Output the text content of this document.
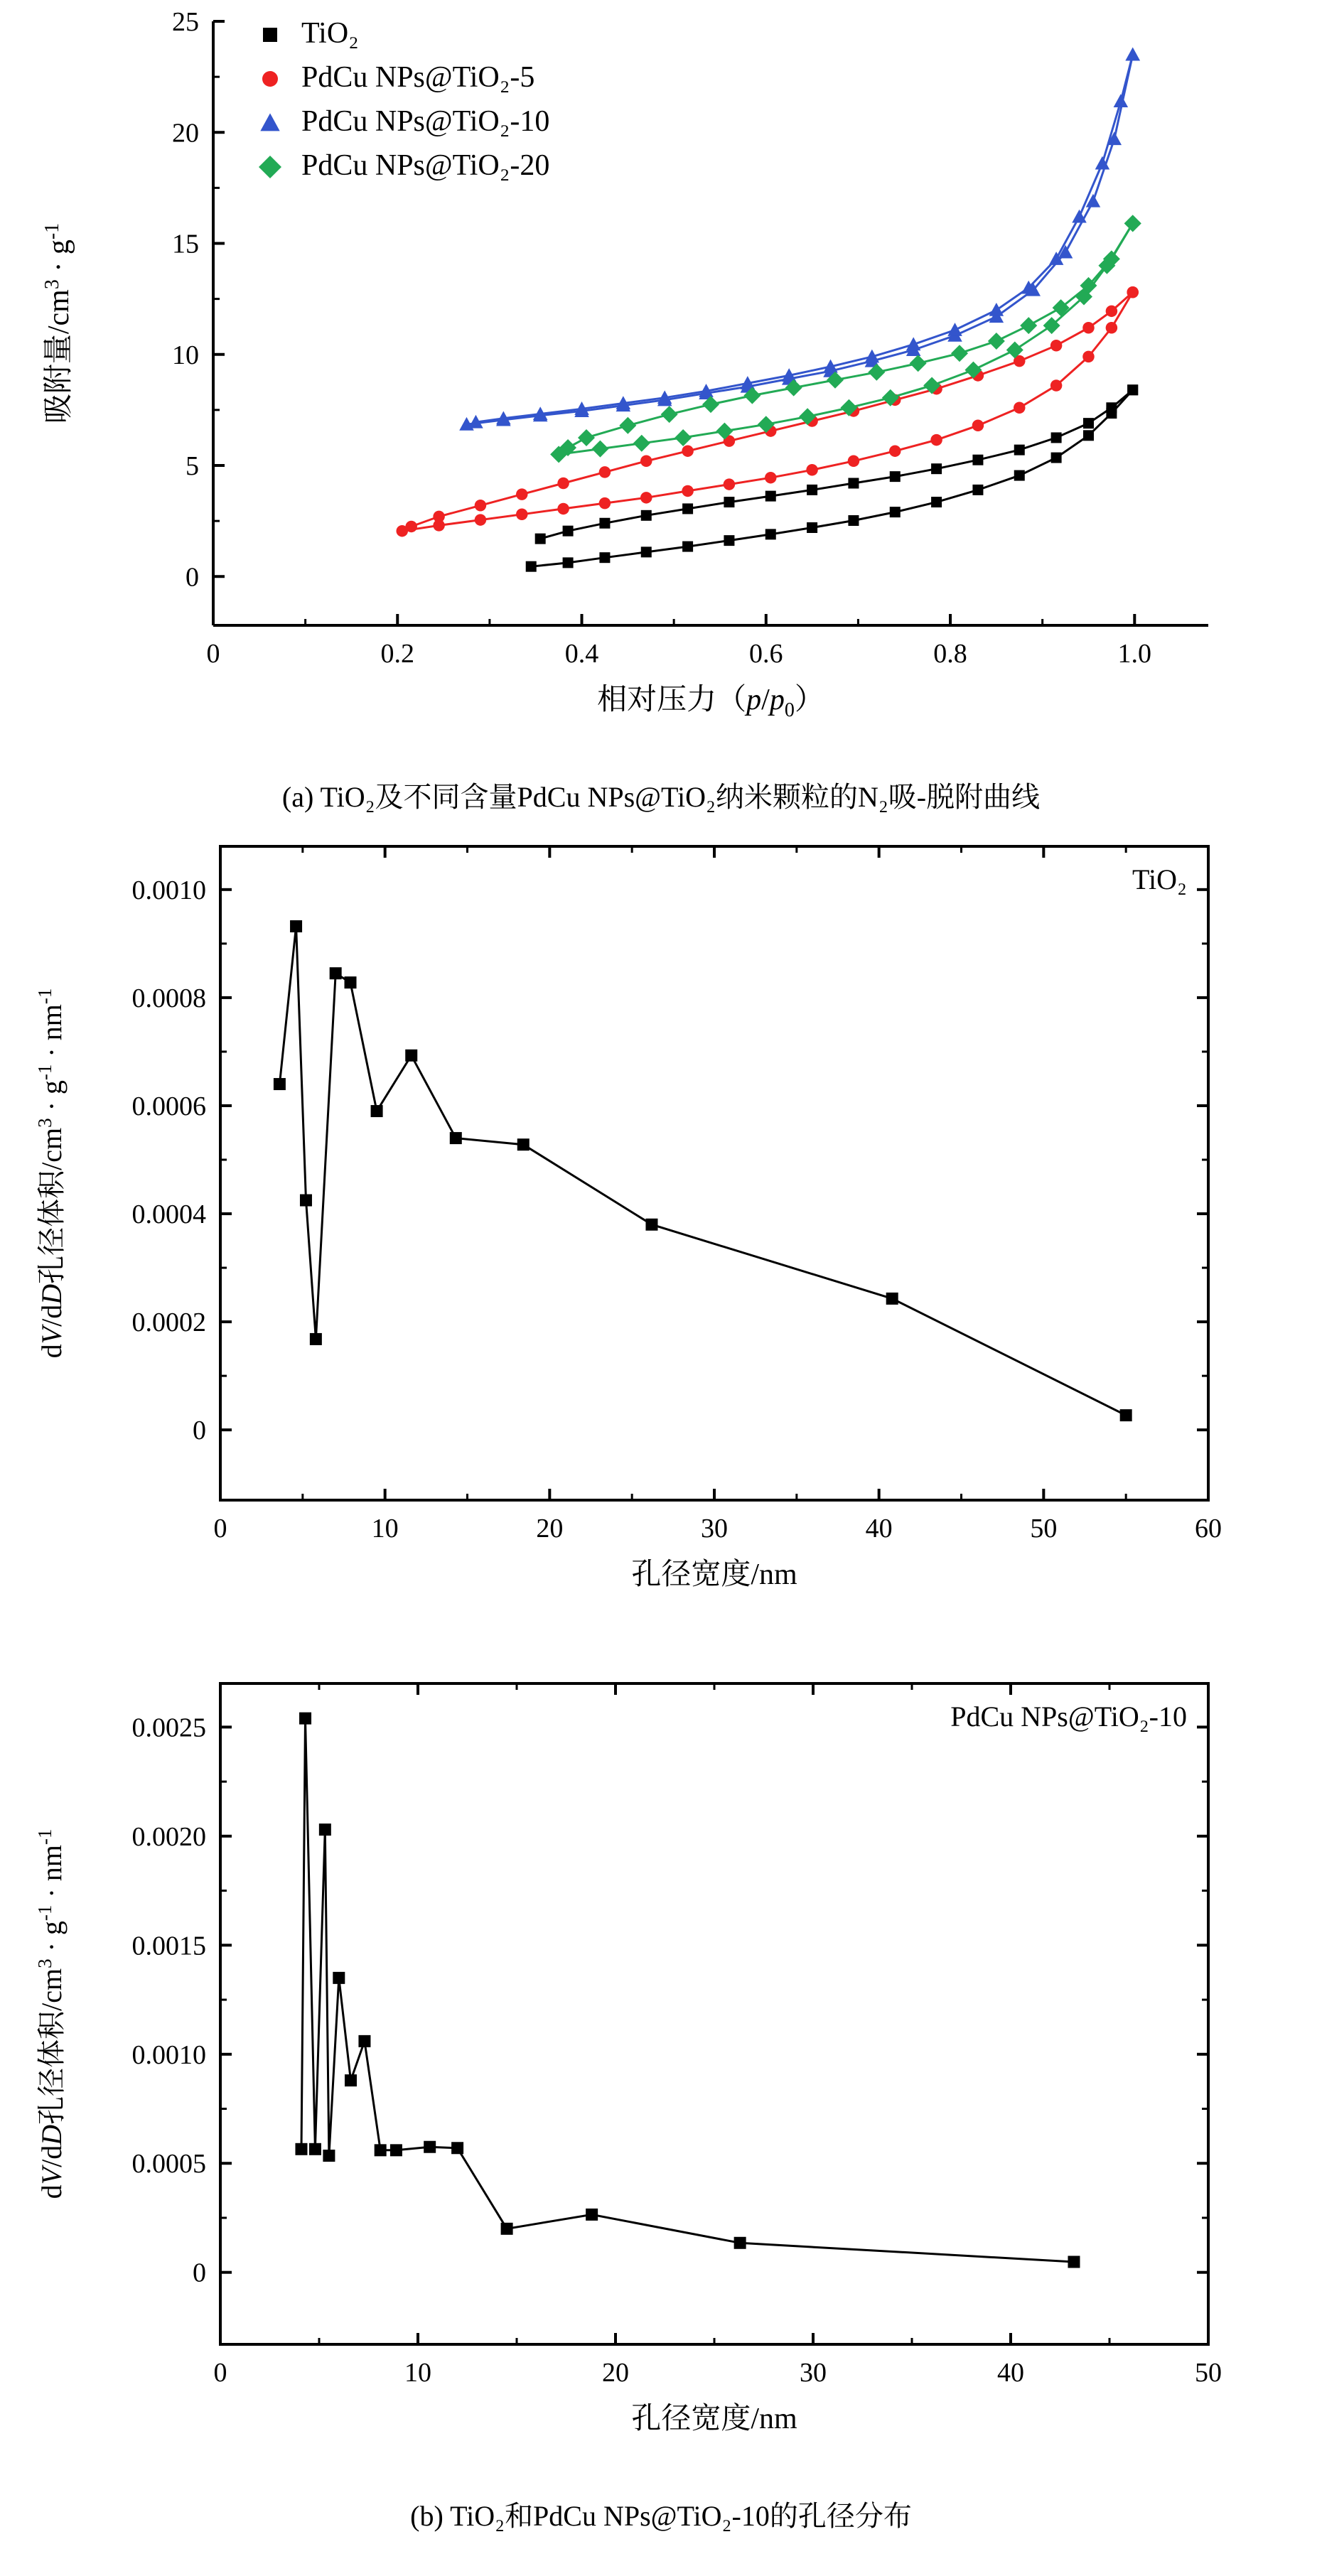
0	0.2	0.4	0.6	0.8	1.0
0
5
10
15
20
25
相对压力$(p/p_0)$
吸附量$/cm^3 \cdot g^{-1}$
TiO₂
PdCu NPs@TiO₂-5
PdCu NPs@TiO₂-10
PdCu NPs@TiO₂-20
(a) TiO₂及不同含量PdCu NPs@TiO₂纳米颗粒的N₂吸-脱附曲线
0	10	20	30	40	50	60
0
0.0002
0.0004
0.0006
0.0008
0.0010
孔径宽度/nm
dV/dD孔径体积$/cm^3 \cdot g^{-1} \cdot nm^{-1}$
TiO₂
0	10	20	30	40	50
0
0.0005
0.0010
0.0015
0.0020
0.0025
孔径宽度/nm
dV/dD孔径体积$/cm^3 \cdot g^{-1} \cdot nm^{-1}$
PdCu NPs@TiO₂-10
(b) TiO₂和PdCu NPs@TiO₂-10的孔径分布
